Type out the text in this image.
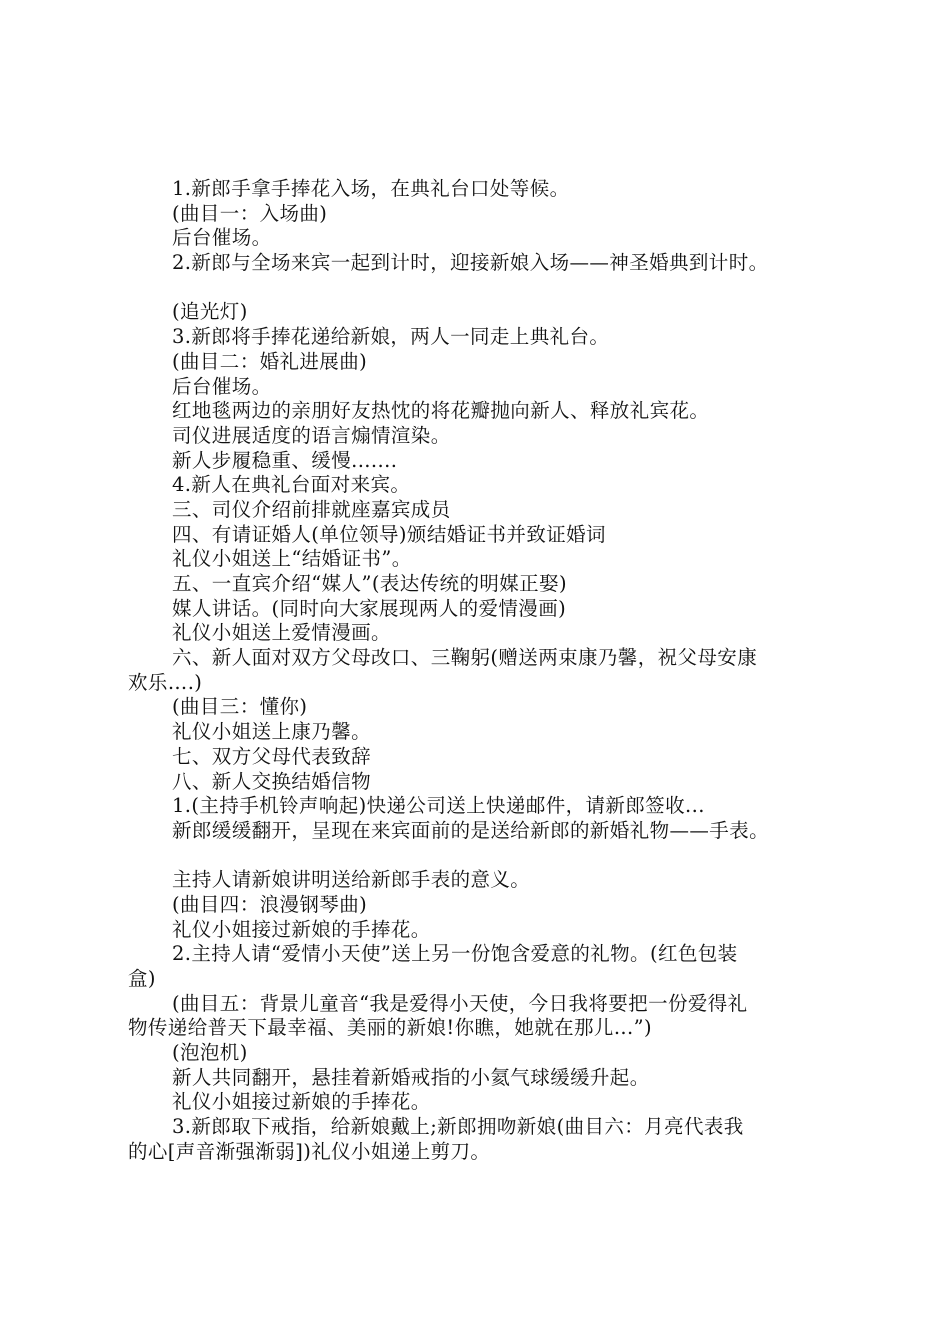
1.新郎手拿手捧花入场，在典礼台口处等候。
(曲目一：入场曲)
后台催场。
2.新郎与全场来宾一起到计时，迎接新娘入场——神圣婚典到计时。
(追光灯)
3.新郎将手捧花递给新娘，两人一同走上典礼台。
(曲目二：婚礼进展曲)
后台催场。
红地毯两边的亲朋好友热忱的将花瓣抛向新人、释放礼宾花。
司仪进展适度的语言煽情渲染。
新人步履稳重、缓慢.......
4.新人在典礼台面对来宾。
三、司仪介绍前排就座嘉宾成员
四、有请证婚人(单位领导)颁结婚证书并致证婚词
礼仪小姐送上“结婚证书”。
五、一直宾介绍“媒人”(表达传统的明媒正娶)
媒人讲话。(同时向大家展现两人的爱情漫画)
礼仪小姐送上爱情漫画。
六、新人面对双方父母改口、三鞠躬(赠送两束康乃馨，祝父母安康
欢乐….)
(曲目三：懂你)
礼仪小姐送上康乃馨。
七、双方父母代表致辞
八、新人交换结婚信物
1.(主持手机铃声响起)快递公司送上快递邮件，请新郎签收...
新郎缓缓翻开，呈现在来宾面前的是送给新郎的新婚礼物——手表。
主持人请新娘讲明送给新郎手表的意义。
(曲目四：浪漫钢琴曲)
礼仪小姐接过新娘的手捧花。
2.主持人请“爱情小天使”送上另一份饱含爱意的礼物。(红色包装
盒)
(曲目五：背景儿童音“我是爱得小天使，今日我将要把一份爱得礼
物传递给普天下最幸福、美丽的新娘!你瞧，她就在那儿...”)
(泡泡机)
新人共同翻开，悬挂着新婚戒指的小氦气球缓缓升起。
礼仪小姐接过新娘的手捧花。
3.新郎取下戒指，给新娘戴上;新郎拥吻新娘(曲目六：月亮代表我
的心[声音渐强渐弱])礼仪小姐递上剪刀。
